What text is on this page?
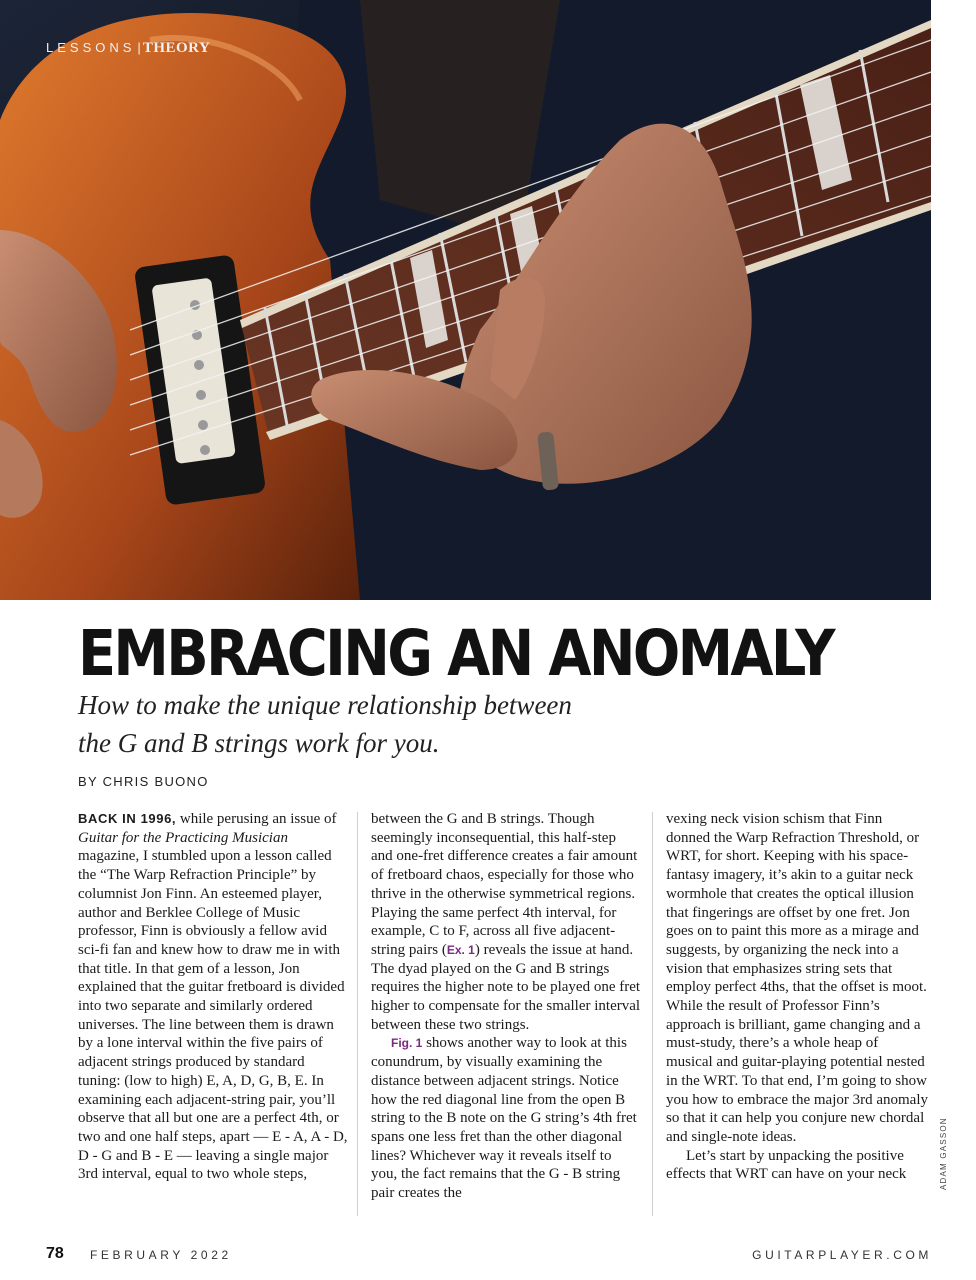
LESSONS | THEORY
EMBRACING AN ANOMALY
How to make the unique relationship between
the G and B strings work for you.
BY CHRIS BUONO

BACK IN 1996, while perusing an issue of Guitar for the Practicing Musician magazine, I stumbled upon a lesson called the “The Warp Refraction Principle” by columnist Jon Finn. An esteemed player, author and Berklee College of Music professor, Finn is obviously a fellow avid sci-fi fan and knew how to draw me in with that title. In that gem of a lesson, Jon explained that the guitar fretboard is divided into two separate and similarly ordered universes. The line between them is drawn by a lone interval within the five pairs of adjacent strings produced by standard tuning: (low to high) E, A, D, G, B, E. In examining each adjacent-string pair, you’ll observe that all but one are a perfect 4th, or two and one half steps, apart — E - A, A - D, D - G and B - E — leaving a single major 3rd interval, equal to two whole steps,

between the G and B strings. Though seemingly inconsequential, this half-step and one-fret difference creates a fair amount of fretboard chaos, especially for those who thrive in the otherwise symmetrical regions. Playing the same perfect 4th interval, for example, C to F, across all five adjacent-string pairs (Ex. 1) reveals the issue at hand. The dyad played on the G and B strings requires the higher note to be played one fret higher to compensate for the smaller interval between these two strings.

Fig. 1 shows another way to look at this conundrum, by visually examining the distance between adjacent strings. Notice how the red diagonal line from the open B string to the B note on the G string’s 4th fret spans one less fret than the other diagonal lines? Whichever way it reveals itself to you, the fact remains that the G - B string pair creates the

vexing neck vision schism that Finn donned the Warp Refraction Threshold, or WRT, for short. Keeping with his space-fantasy imagery, it’s akin to a guitar neck wormhole that creates the optical illusion that fingerings are offset by one fret. Jon goes on to paint this more as a mirage and suggests, by organizing the neck into a vision that emphasizes string sets that employ perfect 4ths, that the offset is moot. While the result of Professor Finn’s approach is brilliant, game changing and a must-study, there’s a whole heap of musical and guitar-playing potential nested in the WRT. To that end, I’m going to show you how to embrace the major 3rd anomaly so that it can help you conjure new chordal and single-note ideas.

Let’s start by unpacking the positive effects that WRT can have on your neck	ADAM GASSON
78 FEBRUARY 2022	GUITARPLAYER.COM
